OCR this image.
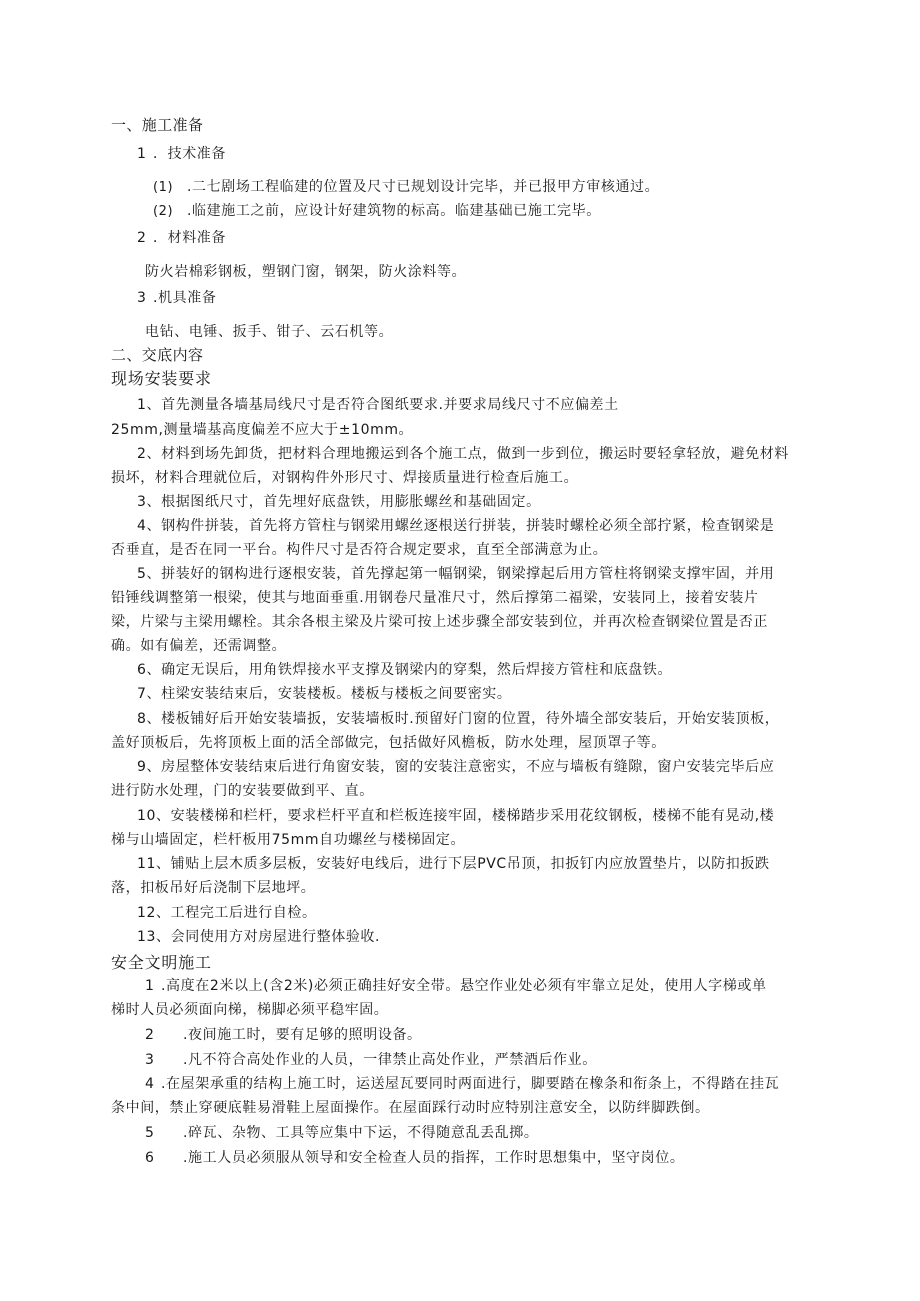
一、施工准备
1 ．技术准备
(1) .二七剧场工程临建的位置及尺寸已规划设计完毕，并已报甲方审核通过。
(2) .临建施工之前，应设计好建筑物的标高。临建基础已施工完毕。
2 ．材料准备
防火岩棉彩钢板，塑钢门窗，钢架，防火涂料等。
3 .机具准备
电钻、电锤、扳手、钳子、云石机等。
二、交底内容
现场安装要求
1、首先测量各墙基局线尺寸是否符合图纸要求.并要求局线尺寸不应偏差土
25mm,测量墙基高度偏差不应大于±10mm。
2、材料到场先卸货，把材料合理地搬运到各个施工点，做到一步到位，搬运时要轻拿轻放，避免材料
损坏，材料合理就位后，对钢构件外形尺寸、焊接质量进行检查后施工。
3、根据图纸尺寸，首先埋好底盘铁，用膨胀螺丝和基础固定。
4、钢构件拼装，首先将方管柱与钢梁用螺丝逐根送行拼装，拼装时螺栓必须全部拧紧，检查钢梁是
否垂直，是否在同一平台。构件尺寸是否符合规定要求，直至全部满意为止。
5、拼装好的钢构进行逐根安装，首先撑起第一幅钢梁，钢梁撑起后用方管柱将钢梁支撑牢固，并用
铅锤线调整第一根梁，使其与地面垂重.用钢卷尺量准尺寸，然后撑第二福梁，安装同上，接着安装片
梁，片梁与主梁用螺栓。其余各根主梁及片梁可按上述步骤全部安装到位，并再次检查钢梁位置是否正
确。如有偏差，还需调整。
6、确定无误后，用角铁焊接水平支撑及钢梁内的穿梨，然后焊接方管柱和底盘铁。
7、柱梁安装结束后，安装楼板。楼板与楼板之间要密实。
8、楼板铺好后开始安装墙扳，安装墙板时.预留好门窗的位置，待外墙全部安装后，开始安装顶板，
盖好顶板后，先将顶板上面的活全部做完，包括做好风檐板，防水处理，屋顶罩子等。
9、房屋整体安装结束后进行角窗安装，窗的安装注意密实，不应与墙板有缝隙，窗户安装完毕后应
进行防水处理，门的安装要做到平、直。
10、安装楼梯和栏杆，要求栏杆平直和栏板连接牢固，楼梯踏步采用花纹钢板，楼梯不能有晃动,楼
梯与山墙固定，栏杆板用75mm自功螺丝与楼梯固定。
11、铺贴上层木质多层板，安装好电线后，进行下层PVC吊顶，扣扳钉内应放置垫片，以防扣扳跌
落，扣板吊好后浇制下层地坪。
12、工程完工后进行自检。
13、会同使用方对房屋进行整体验收.
安全文明施工
1 .高度在2米以上(含2米)必须正确挂好安全带。悬空作业处必须有牢靠立足处，使用人字梯或单
梯时人员必须面向梯，梯脚必须平稳牢固。
2 .夜间施工时，要有足够的照明设备。
3 .凡不符合高处作业的人员，一律禁止高处作业，严禁酒后作业。
4 .在屋架承重的结构上施工时，运送屋瓦要同时两面进行，脚要踏在橡条和衔条上，不得踏在挂瓦
条中间，禁止穿硬底鞋易滑鞋上屋面操作。在屋面踩行动时应特别注意安全，以防绊脚跌倒。
5 .碎瓦、杂物、工具等应集中下运，不得随意乱丢乱掷。
6 .施工人员必须服从领导和安全检查人员的指挥，工作时思想集中，坚守岗位。
